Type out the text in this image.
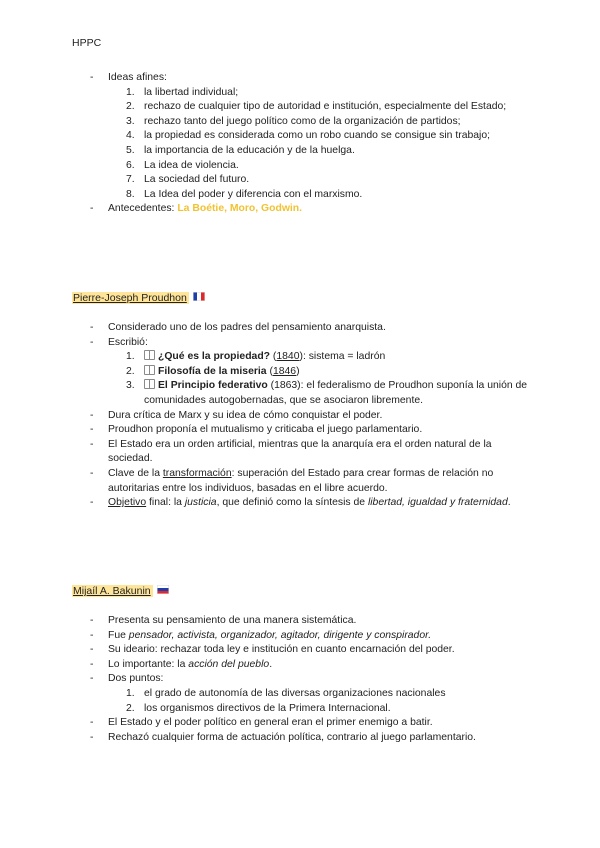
HPPC
- Ideas afines:
1. la libertad individual;
2. rechazo de cualquier tipo de autoridad e institución, especialmente del Estado;
3. rechazo tanto del juego político como de la organización de partidos;
4. la propiedad es considerada como un robo cuando se consigue sin trabajo;
5. la importancia de la educación y de la huelga.
6. La idea de violencia.
7. La sociedad del futuro.
8. La Idea del poder y diferencia con el marxismo.
- Antecedentes: La Boétie, Moro, Godwin.
Pierre-Joseph Proudhon
- Considerado uno de los padres del pensamiento anarquista.
- Escribió:
1. ¿Qué es la propiedad? (1840): sistema = ladrón
2. Filosofía de la miseria (1846)
3. El Principio federativo (1863): el federalismo de Proudhon suponía la unión de comunidades autogobernadas, que se asociaron libremente.
- Dura crítica de Marx y su idea de cómo conquistar el poder.
- Proudhon proponía el mutualismo y criticaba el juego parlamentario.
- El Estado era un orden artificial, mientras que la anarquía era el orden natural de la sociedad.
- Clave de la transformación: superación del Estado para crear formas de relación no autoritarias entre los individuos, basadas en el libre acuerdo.
- Objetivo final: la justicia, que definió como la síntesis de libertad, igualdad y fraternidad.
Mijaíl A. Bakunin
- Presenta su pensamiento de una manera sistemática.
- Fue pensador, activista, organizador, agitador, dirigente y conspirador.
- Su ideario: rechazar toda ley e institución en cuanto encarnación del poder.
- Lo importante: la acción del pueblo.
- Dos puntos:
1. el grado de autonomía de las diversas organizaciones nacionales
2. los organismos directivos de la Primera Internacional.
- El Estado y el poder político en general eran el primer enemigo a batir.
- Rechazó cualquier forma de actuación política, contrario al juego parlamentario.
